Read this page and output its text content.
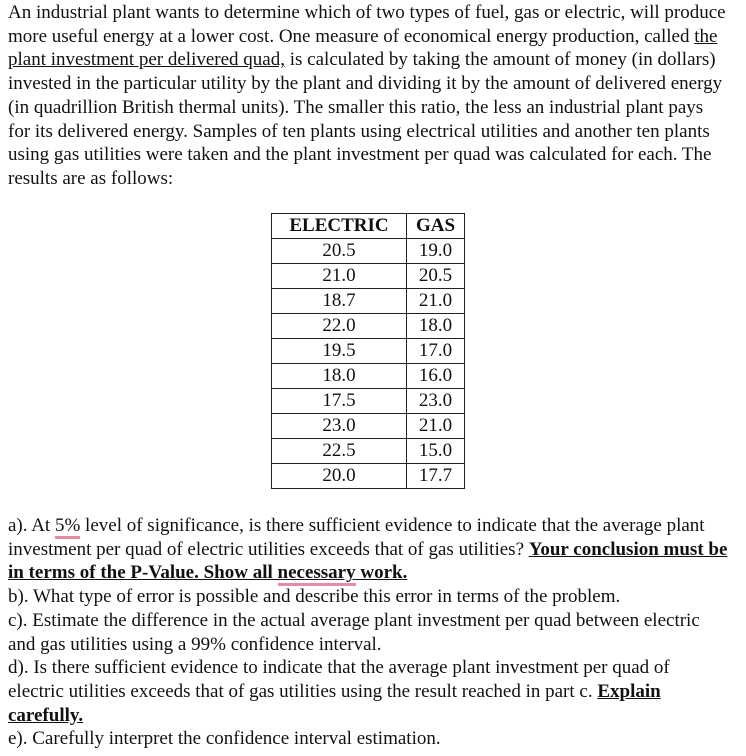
An industrial plant wants to determine which of two types of fuel, gas or electric, will produce more useful energy at a lower cost. One measure of economical energy production, called the plant investment per delivered quad, is calculated by taking the amount of money (in dollars) invested in the particular utility by the plant and dividing it by the amount of delivered energy (in quadrillion British thermal units). The smaller this ratio, the less an industrial plant pays for its delivered energy. Samples of ten plants using electrical utilities and another ten plants using gas utilities were taken and the plant investment per quad was calculated for each. The results are as follows:

ELECTRIC	GAS
20.5	19.0
21.0	20.5
18.7	21.0
22.0	18.0
19.5	17.0
18.0	16.0
17.5	23.0
23.0	21.0
22.5	15.0
20.0	17.7

a). At 5% level of significance, is there sufficient evidence to indicate that the average plant investment per quad of electric utilities exceeds that of gas utilities? Your conclusion must be in terms of the P-Value. Show all necessary work.

b). What type of error is possible and describe this error in terms of the problem.

c). Estimate the difference in the actual average plant investment per quad between electric and gas utilities using a 99% confidence interval.

d). Is there sufficient evidence to indicate that the average plant investment per quad of electric utilities exceeds that of gas utilities using the result reached in part c. Explain carefully.

e). Carefully interpret the confidence interval estimation.
